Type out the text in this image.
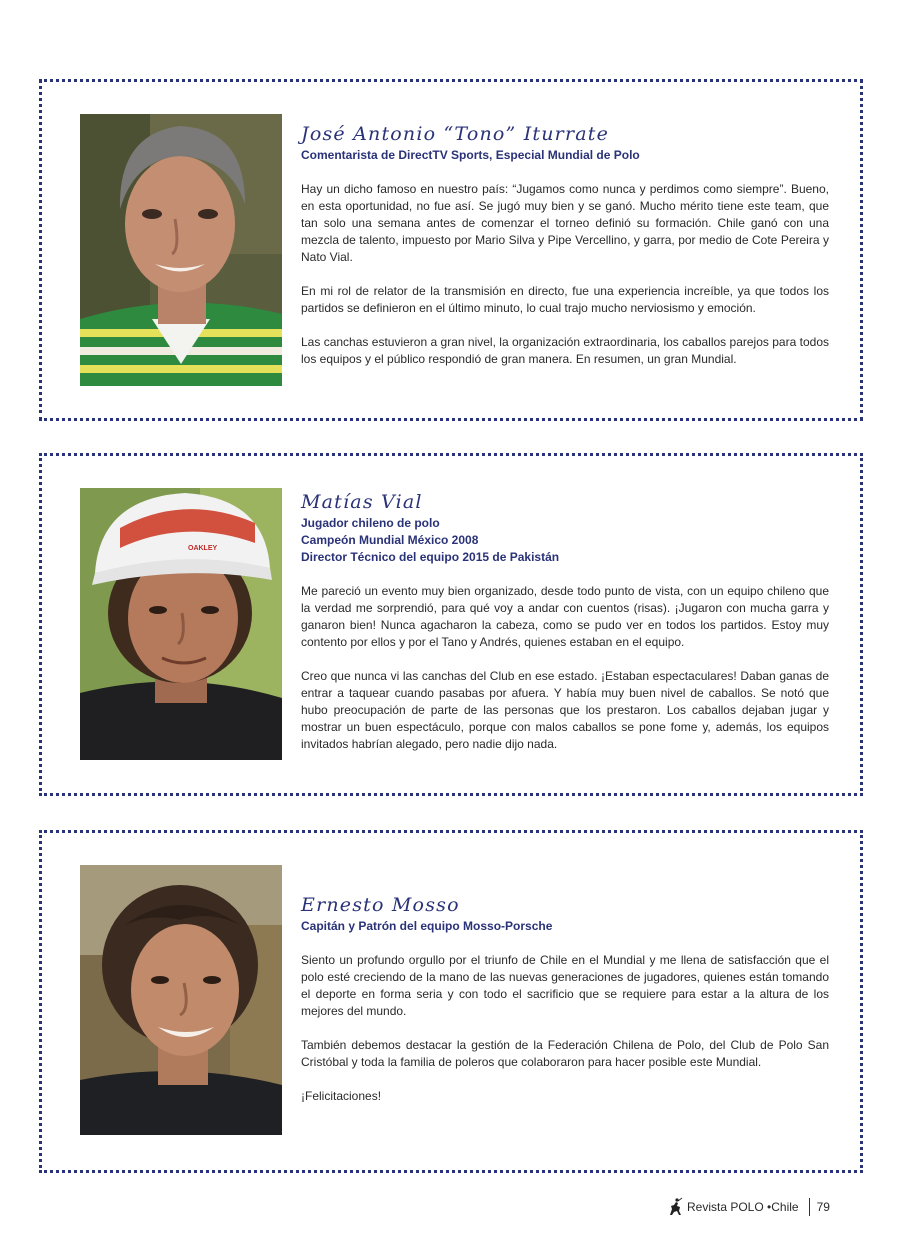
José Antonio “Tono” Iturrate

Comentarista de DirectTV Sports, Especial Mundial de Polo

Hay un dicho famoso en nuestro país: “Jugamos como nunca y perdimos como siempre”. Bueno, en esta oportunidad, no fue así. Se jugó muy bien y se ganó. Mucho mérito tiene este team, que tan solo una semana antes de comenzar el torneo definió su formación. Chile ganó con una mezcla de talento, impuesto por Mario Silva y Pipe Vercellino, y garra, por medio de Cote Pereira y Nato Vial.

En mi rol de relator de la transmisión en directo, fue una experiencia increíble, ya que todos los partidos se definieron en el último minuto, lo cual trajo mucho nerviosismo y emoción.

Las canchas estuvieron a gran nivel, la organización extraordinaria, los caballos parejos para todos los equipos y el público respondió de gran manera. En resumen, un gran Mundial.

OAKLEY
Matías Vial

Jugador chileno de polo

Campeón Mundial México 2008

Director Técnico del equipo 2015 de Pakistán

Me pareció un evento muy bien organizado, desde todo punto de vista, con un equipo chileno que la verdad me sorprendió, para qué voy a andar con cuentos (risas). ¡Jugaron con mucha garra y ganaron bien! Nunca agacharon la cabeza, como se pudo ver en todos los partidos. Estoy muy contento por ellos y por el Tano y Andrés, quienes estaban en el equipo.

Creo que nunca vi las canchas del Club en ese estado. ¡Estaban espectaculares! Daban ganas de entrar a taquear cuando pasabas por afuera. Y había muy buen nivel de caballos. Se notó que hubo preocupación de parte de las personas que los prestaron. Los caballos dejaban jugar y mostrar un buen espectáculo, porque con malos caballos se pone fome y, además, los equipos invitados habrían alegado, pero nadie dijo nada.

Ernesto Mosso

Capitán y Patrón del equipo Mosso-Porsche

Siento un profundo orgullo por el triunfo de Chile en el Mundial y me llena de satisfacción que el polo esté creciendo de la mano de las nuevas generaciones de jugadores, quienes están tomando el deporte en forma seria y con todo el sacrificio que se requiere para estar a la altura de los mejores del mundo.

También debemos destacar la gestión de la Federación Chilena de Polo, del Club de Polo San Cristóbal y toda la familia de poleros que colaboraron para hacer posible este Mundial.

¡Felicitaciones!

Revista POLO •Chile 79
